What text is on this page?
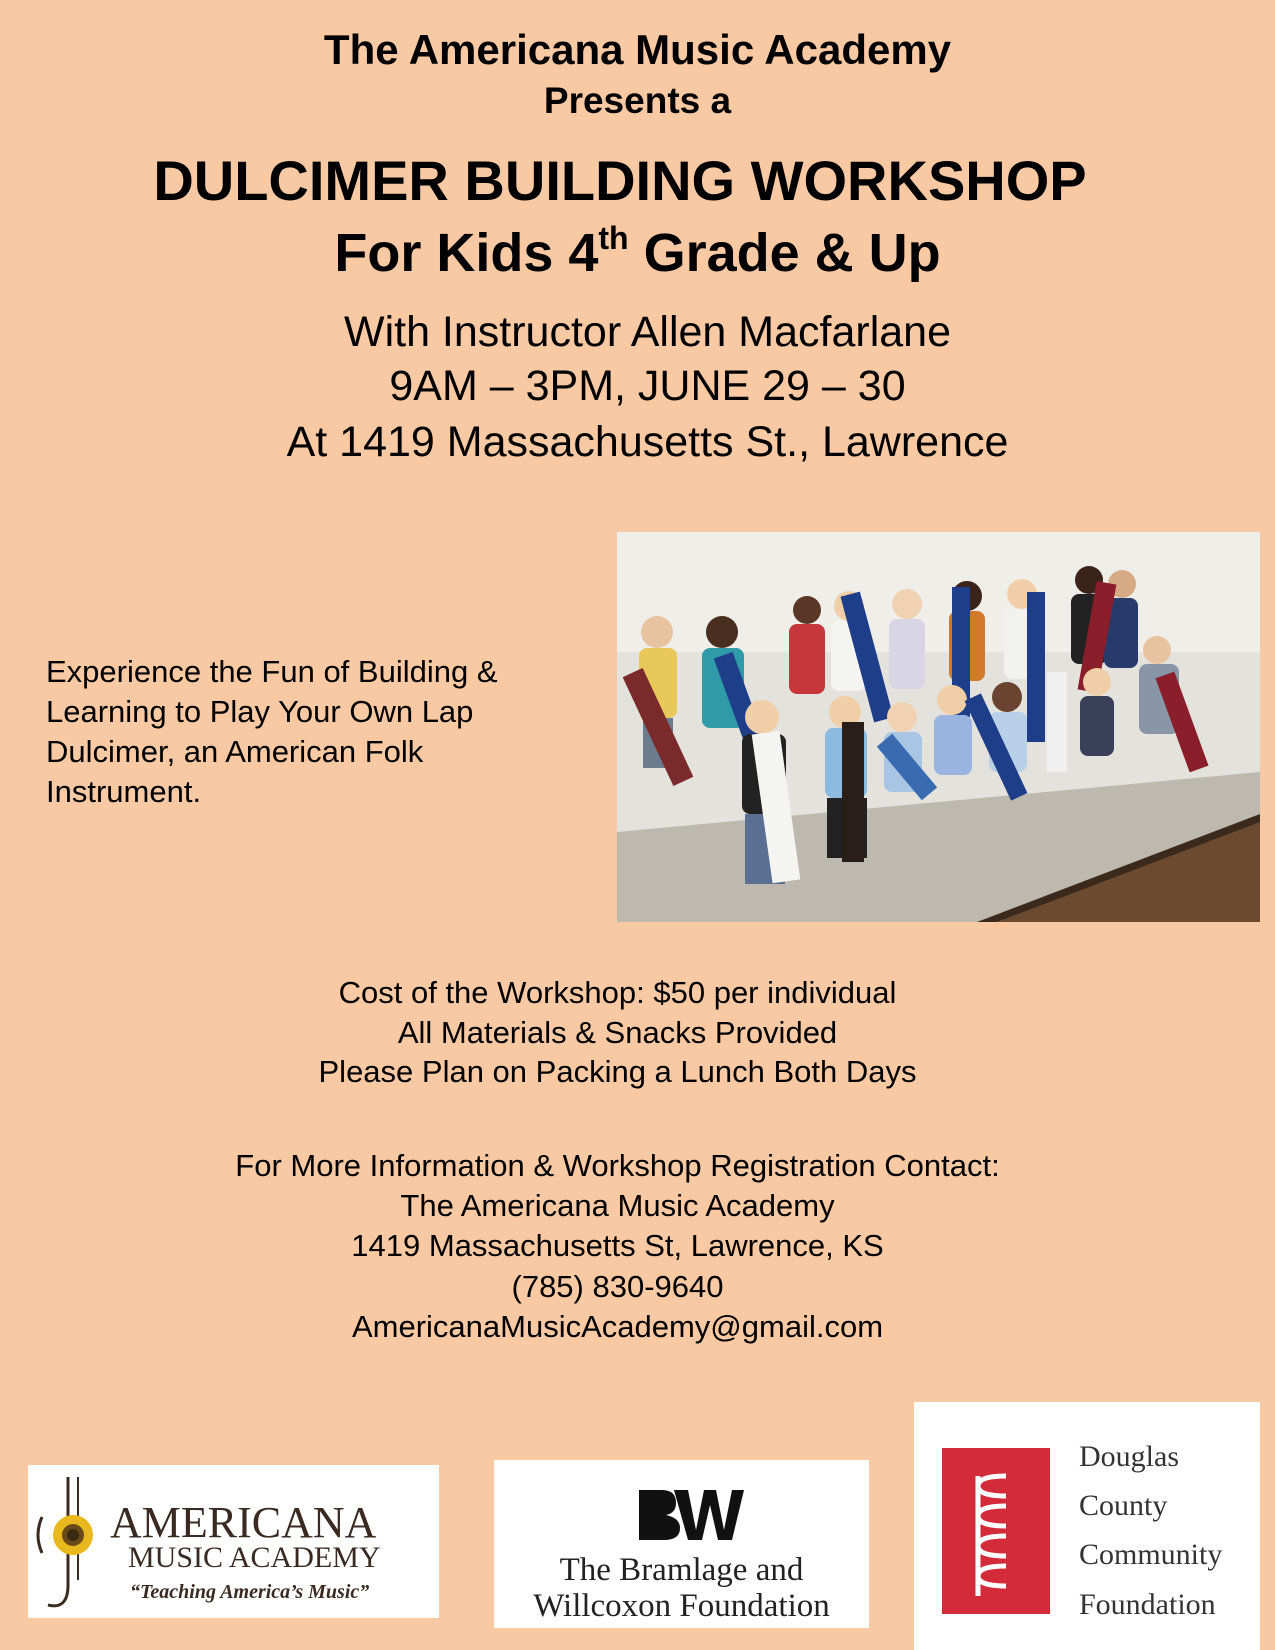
The Americana Music Academy
Presents a
DULCIMER BUILDING WORKSHOP
For Kids 4th Grade & Up
With Instructor Allen Macfarlane
9AM – 3PM, JUNE 29 – 30
At 1419 Massachusetts St., Lawrence
Experience the Fun of Building & Learning to Play Your Own Lap Dulcimer, an American Folk Instrument.
Cost of the Workshop: $50 per individual
All Materials & Snacks Provided
Please Plan on Packing a Lunch Both Days
For More Information & Workshop Registration Contact:
The Americana Music Academy
1419 Massachusetts St, Lawrence, KS
(785) 830-9640
AmericanaMusicAcademy@gmail.com
AMERICANA
MUSIC ACADEMY
“Teaching America’s Music”
The Bramlage and
Willcoxon Foundation
Douglas
County
Community
Foundation
